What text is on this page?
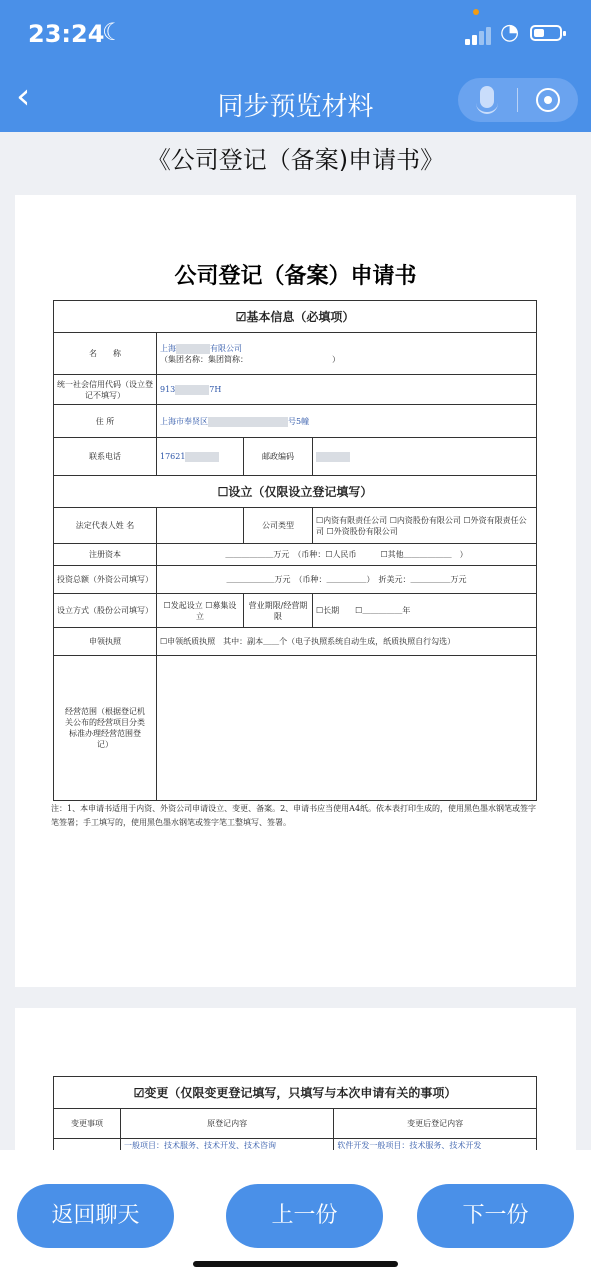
23:24
☾	◔
‹	同步预览材料
《公司登记（备案)申请书》
公司登记（备案）申请书
☑基本信息（必填项）			
名　　称	上海 有限公司
（集团名称：集团简称：　　　　　　　　　　　）		
统一社会信用代码（设立登记不填写）	913 7H		
住 所	上海市奉贤区 号5幢		
联系电话	17621	邮政编码	
☐设立（仅限设立登记填写）			
法定代表人姓 名		公司类型	☐内资有限责任公司 ☐内资股份有限公司 ☐外资有限责任公司 ☐外资股份有限公司
注册资本	＿＿＿＿＿＿万元　（币种：☐人民币　　　☐其他＿＿＿＿＿＿　）		
投资总额（外资公司填写）	＿＿＿＿＿＿万元　（币种：＿＿＿＿＿）　折美元：＿＿＿＿＿万元		
设立方式（股份公司填写）	☐发起设立 ☐募集设立	营业期限/经营期限	☐长期　　☐＿＿＿＿＿年
申领执照	☐申领纸质执照　其中：副本＿＿个（电子执照系统自动生成，纸质执照自行勾选）		
经营范围（根据登记机关公布的经营项目分类标准办理经营范围登记）			
注：1、本申请书适用于内资、外资公司申请设立、变更、备案。2、申请书应当使用A4纸。依本表打印生成的，使用黑色墨水钢笔或签字笔签署；手工填写的，使用黑色墨水钢笔或签字笔工整填写、签署。
☑变更（仅限变更登记填写，只填写与本次申请有关的事项）		
变更事项	原登记内容	变更后登记内容
	一般项目：技术服务、技术开发、技术咨询	软件开发一般项目：技术服务、技术开发
返回聊天	上一份	下一份
